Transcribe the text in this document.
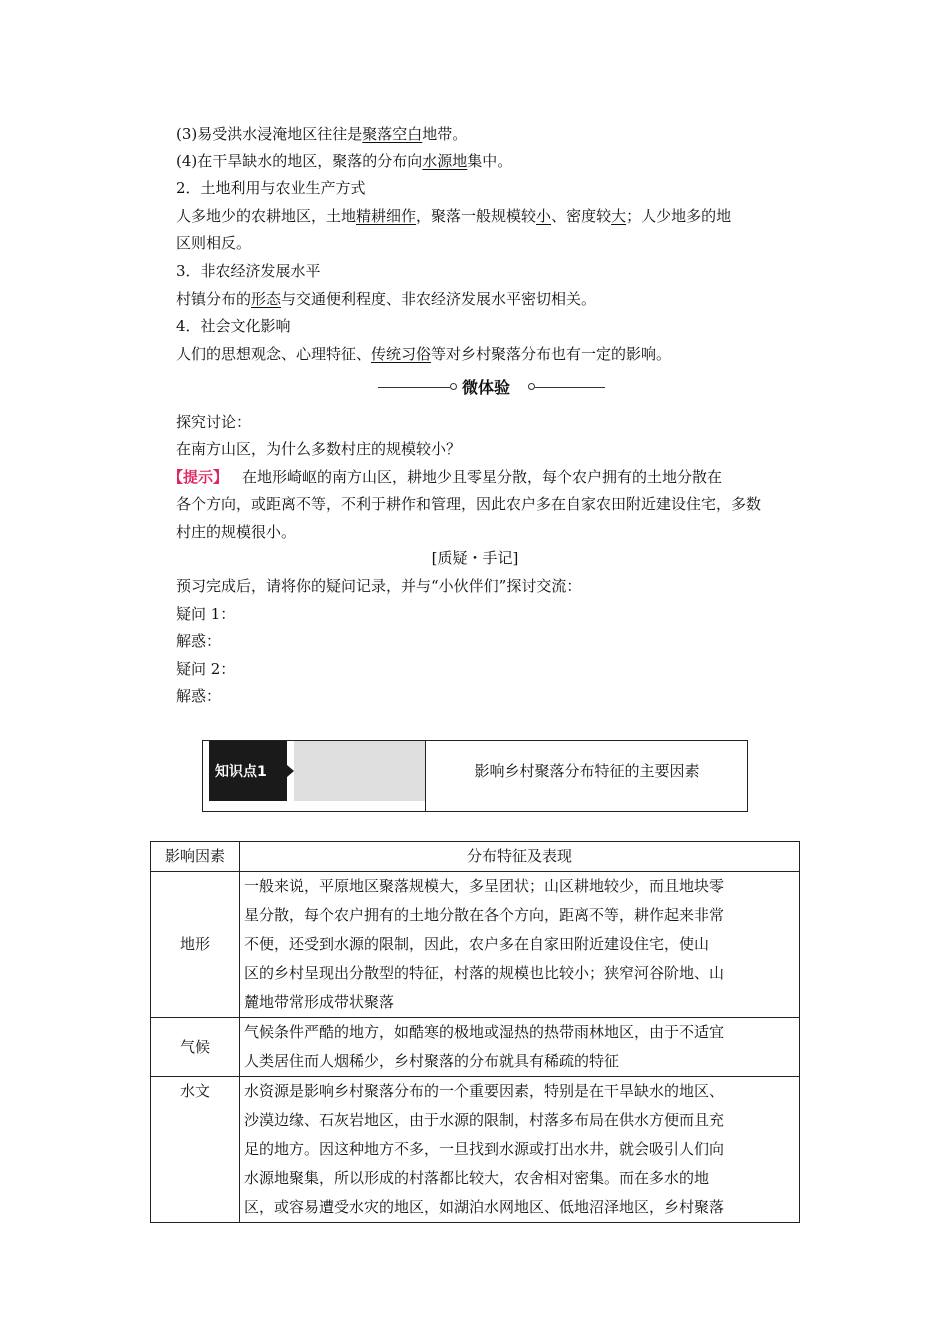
(3)易受洪水浸淹地区往往是聚落空白地带。
(4)在干旱缺水的地区，聚落的分布向水源地集中。
2．土地利用与农业生产方式
人多地少的农耕地区，土地精耕细作，聚落一般规模较小、密度较大；人少地多的地
区则相反。
3．非农经济发展水平
村镇分布的形态与交通便利程度、非农经济发展水平密切相关。
4．社会文化影响
人们的思想观念、心理特征、传统习俗等对乡村聚落分布也有一定的影响。
微体验
探究讨论：
在南方山区，为什么多数村庄的规模较小？
【提示】 在地形崎岖的南方山区，耕地少且零星分散，每个农户拥有的土地分散在
各个方向，或距离不等，不利于耕作和管理，因此农户多在自家农田附近建设住宅，多数
村庄的规模很小。
[质疑・手记]
预习完成后，请将你的疑问记录，并与“小伙伴们”探讨交流：
疑问 1：
解惑：
疑问 2：
解惑：
知识点1	影响乡村聚落分布特征的主要因素
影响因素	分布特征及表现
地形	一般来说，平原地区聚落规模大，多呈团状；山区耕地较少，而且地块零
星分散，每个农户拥有的土地分散在各个方向，距离不等，耕作起来非常
不便，还受到水源的限制，因此，农户多在自家田附近建设住宅，使山
区的乡村呈现出分散型的特征，村落的规模也比较小；狭窄河谷阶地、山
麓地带常形成带状聚落

气候	气候条件严酷的地方，如酷寒的极地或湿热的热带雨林地区，由于不适宜
人类居住而人烟稀少，乡村聚落的分布就具有稀疏的特征

水文	水资源是影响乡村聚落分布的一个重要因素，特别是在干旱缺水的地区、
沙漠边缘、石灰岩地区，由于水源的限制，村落多布局在供水方便而且充
足的地方。因这种地方不多，一旦找到水源或打出水井，就会吸引人们向
水源地聚集，所以形成的村落都比较大，农舍相对密集。而在多水的地
区，或容易遭受水灾的地区，如湖泊水网地区、低地沼泽地区，乡村聚落
